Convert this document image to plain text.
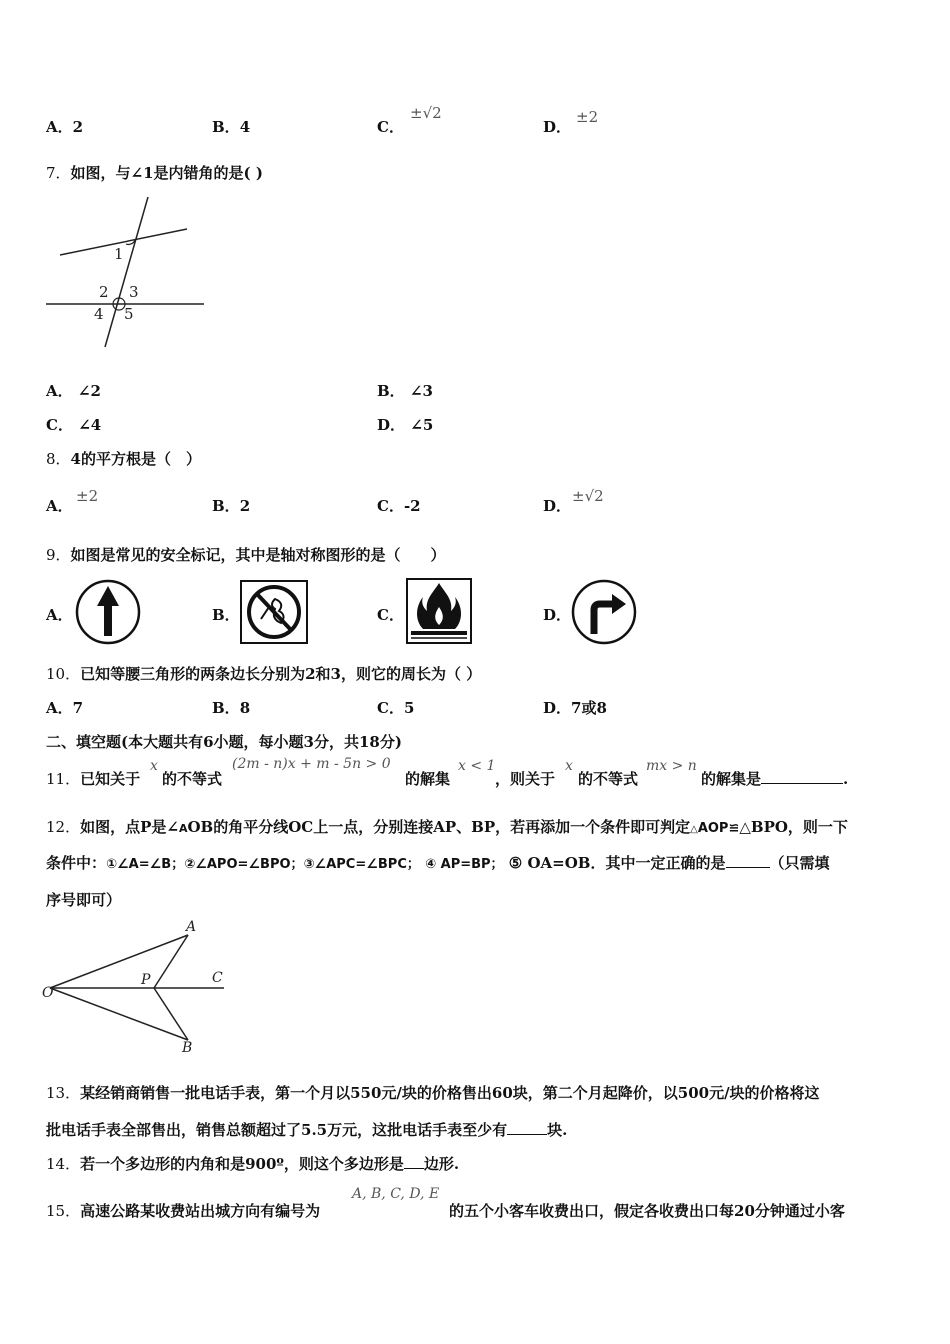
A．2	B．4	C．
±√2
D．
±2
7．如图，与∠1是内错角的是( )
1
2 3
4 5
A． ∠2	B． ∠3
C． ∠4	D． ∠5
8．4的平方根是（　）
A．
±2
B．2	C．-2	D．
±√2
9．如图是常见的安全标记，其中是轴对称图形的是（　　）
A．	B．	C．	D．
10．已知等腰三角形的两条边长分别为2和3，则它的周长为（ ）
A．7	B．8	C．5	D．7或8
二、填空题(本大题共有6小题，每小题3分，共18分)
11．已知关于
x
的不等式
(2m - n)x + m - 5n > 0
的解集
x < 1
，则关于
x
的不等式
mx > n
的解集是	.
12．如图，点P是∠AOB的角平分线OC上一点，分别连接AP、BP，若再添加一个条件即可判定△AOP≌△BPO，则一下
条件中：①∠A=∠B；②∠APO=∠BPO；③∠APC=∠BPC； ④ AP=BP； ⑤ OA=OB．其中一定正确的是	（只需填
序号即可）
A
B
C
O
P
13．某经销商销售一批电话手表，第一个月以550元/块的价格售出60块，第二个月起降价，以500元/块的价格将这
批电话手表全部售出，销售总额超过了5.5万元，这批电话手表至少有	块.
14．若一个多边形的内角和是900º，则这个多边形是 边形.
15．高速公路某收费站出城方向有编号为
A, B, C, D, E
的五个小客车收费出口，假定各收费出口每20分钟通过小客
